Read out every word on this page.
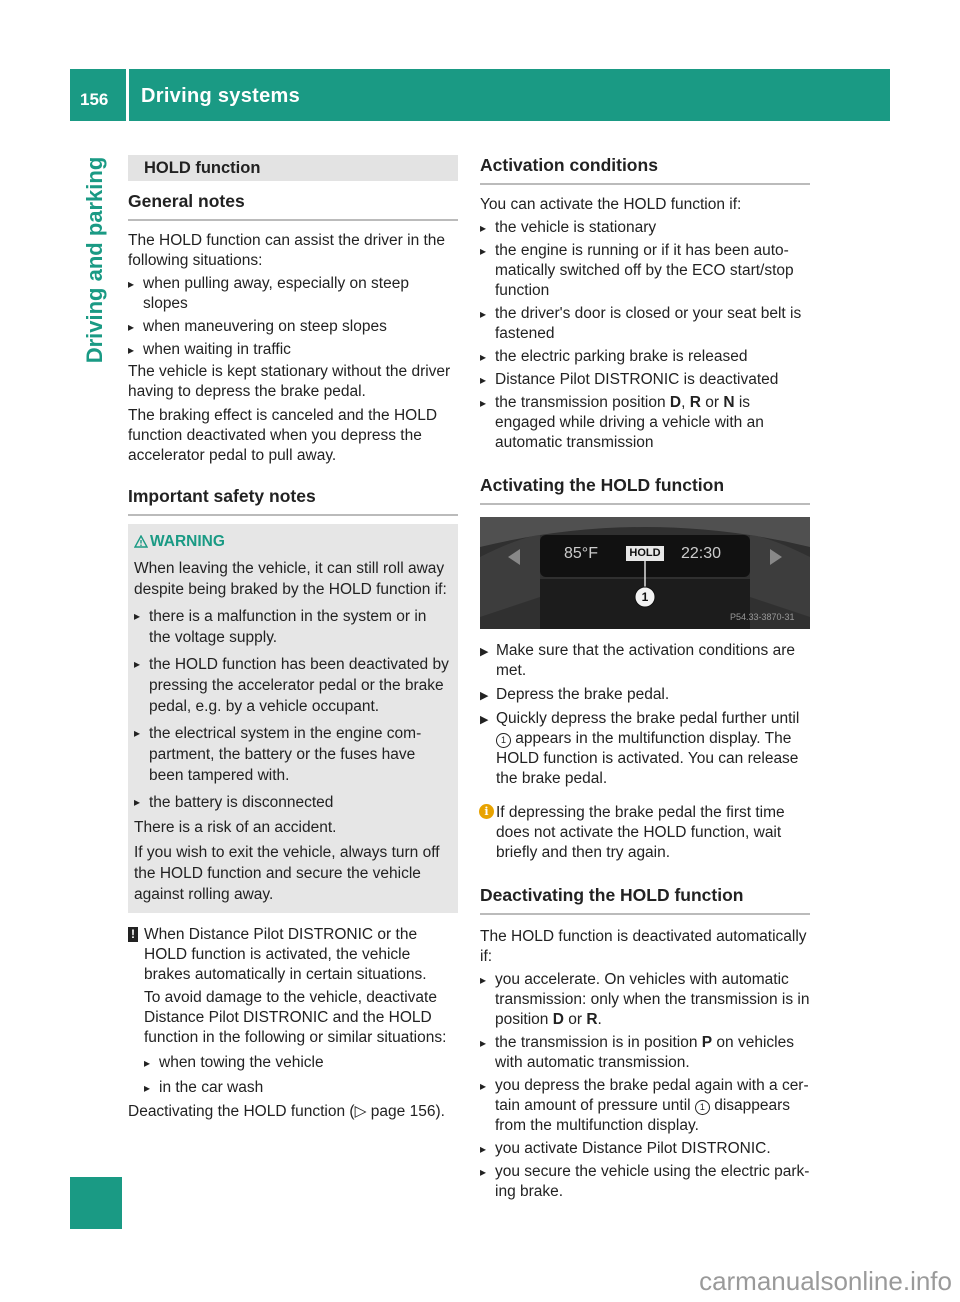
156 Driving systems
Driving and parking	HOLD function
General notes

The HOLD function can assist the driver in the following situations:

▸ when pulling away, especially on steep slopes
▸ when maneuvering on steep slopes
▸ when waiting in traffic

The vehicle is kept stationary without the driver having to depress the brake pedal.

The braking effect is canceled and the HOLD function deactivated when you depress the accelerator pedal to pull away.

Important safety notes
WARNING

When leaving the vehicle, it can still roll away despite being braked by the HOLD function if:

▸ there is a malfunction in the system or in the voltage supply.
▸ the HOLD function has been deactivated by pressing the accelerator pedal or the brake pedal, e.g. by a vehicle occupant.
▸ the electrical system in the engine com-partment, the battery or the fuses have been tampered with.
▸ the battery is disconnected

There is a risk of an accident.

If you wish to exit the vehicle, always turn off the HOLD function and secure the vehicle against rolling away.

! When Distance Pilot DISTRONIC or the HOLD function is activated, the vehicle brakes automatically in certain situations.

To avoid damage to the vehicle, deactivate Distance Pilot DISTRONIC and the HOLD function in the following or similar situations:

▸ when towing the vehicle
▸ in the car wash

Deactivating the HOLD function (▷ page 156).

Activation conditions

You can activate the HOLD function if:

▸ the vehicle is stationary
▸ the engine is running or if it has been auto-matically switched off by the ECO start/stop function
▸ the driver's door is closed or your seat belt is fastened
▸ the electric parking brake is released
▸ Distance Pilot DISTRONIC is deactivated
▸ the transmission position D, R or N is engaged while driving a vehicle with an automatic transmission
Activating the HOLD function
85°F	HOLD 22:30
1
P54.33-3870-31
▶ Make sure that the activation conditions are met.
▶ Depress the brake pedal.
▶ Quickly depress the brake pedal further until 1 appears in the multifunction display. The HOLD function is activated. You can release the brake pedal.
i If depressing the brake pedal the first time does not activate the HOLD function, wait briefly and then try again.

Deactivating the HOLD function

The HOLD function is deactivated automatically if:

▸ you accelerate. On vehicles with automatic transmission: only when the transmission is in position D or R.
▸ the transmission is in position P on vehicles with automatic transmission.
▸ you depress the brake pedal again with a cer-tain amount of pressure until 1 disappears from the multifunction display.
▸ you activate Distance Pilot DISTRONIC.
▸ you secure the vehicle using the electric park-ing brake.
carmanualsonline.info
